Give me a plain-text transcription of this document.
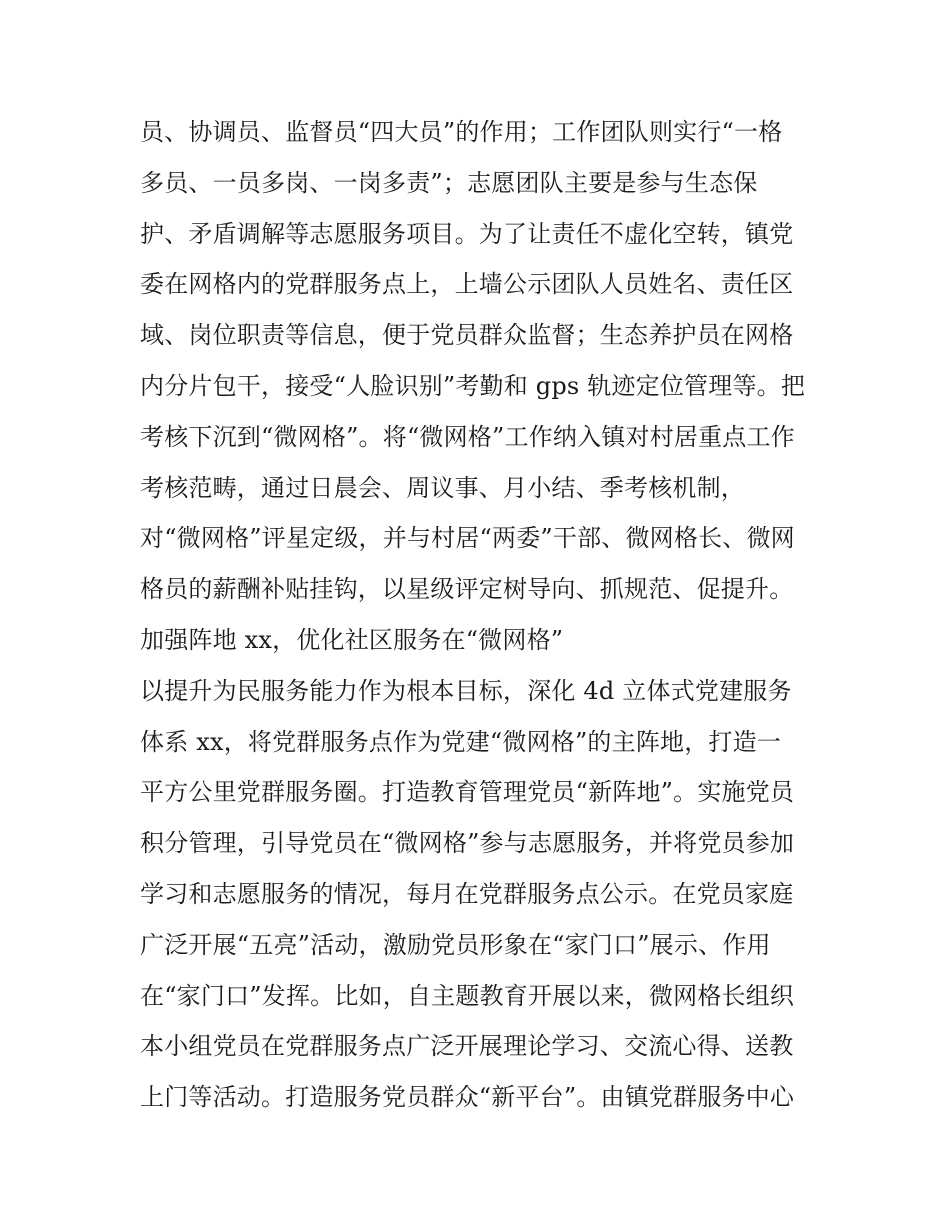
员、协调员、监督员“四大员”的作用；工作团队则实行“一格
多员、一员多岗、一岗多责”；志愿团队主要是参与生态保
护、矛盾调解等志愿服务项目。为了让责任不虚化空转，镇党
委在网格内的党群服务点上，上墙公示团队人员姓名、责任区
域、岗位职责等信息，便于党员群众监督；生态养护员在网格
内分片包干，接受“人脸识别”考勤和 gps 轨迹定位管理等。把
考核下沉到“微网格”。将“微网格”工作纳入镇对村居重点工作
考核范畴，通过日晨会、周议事、月小结、季考核机制，
对“微网格”评星定级，并与村居“两委”干部、微网格长、微网
格员的薪酬补贴挂钩，以星级评定树导向、抓规范、促提升。
加强阵地 xx，优化社区服务在“微网格”
以提升为民服务能力作为根本目标，深化 4d 立体式党建服务
体系 xx，将党群服务点作为党建“微网格”的主阵地，打造一
平方公里党群服务圈。打造教育管理党员“新阵地”。实施党员
积分管理，引导党员在“微网格”参与志愿服务，并将党员参加
学习和志愿服务的情况，每月在党群服务点公示。在党员家庭
广泛开展“五亮”活动，激励党员形象在“家门口”展示、作用
在“家门口”发挥。比如，自主题教育开展以来，微网格长组织
本小组党员在党群服务点广泛开展理论学习、交流心得、送教
上门等活动。打造服务党员群众“新平台”。由镇党群服务中心
